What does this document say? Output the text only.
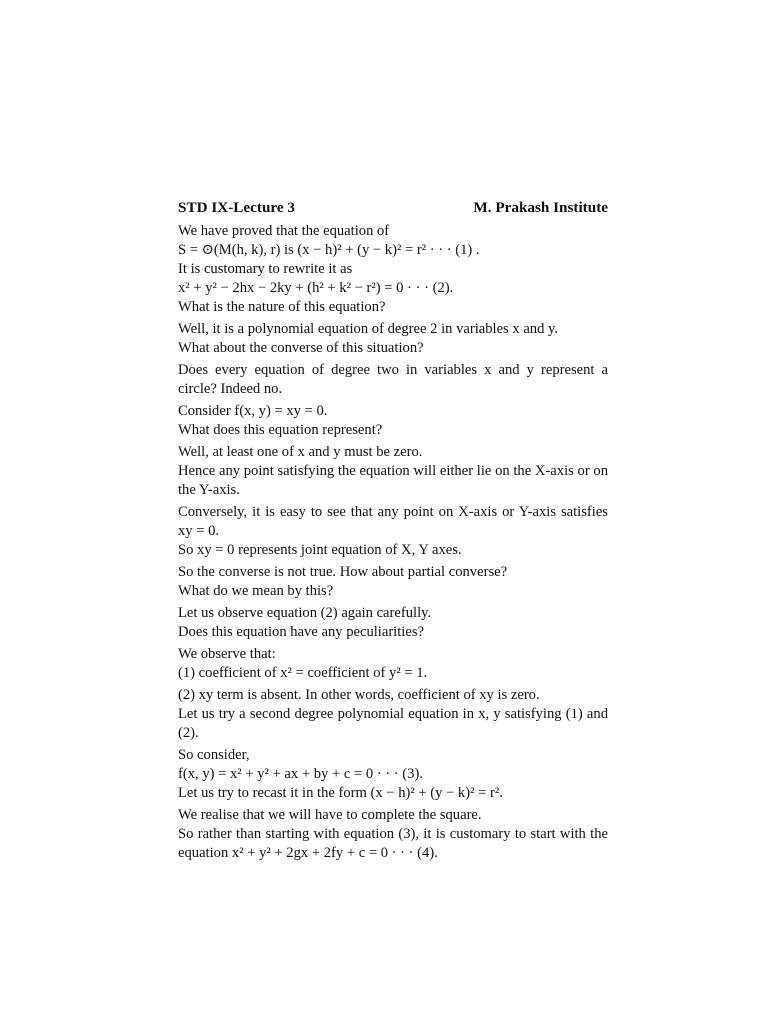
STD IX-Lecture 3	M. Prakash Institute
We have proved that the equation of
S = ⊙(M(h, k), r) is (x − h)² + (y − k)² = r² · · · (1) .
It is customary to rewrite it as
x² + y² − 2hx − 2ky + (h² + k² − r²) = 0 · · · (2).
What is the nature of this equation?
Well, it is a polynomial equation of degree 2 in variables x and y.
What about the converse of this situation?
Does every equation of degree two in variables x and y represent a circle? Indeed no.
Consider f(x, y) = xy = 0.
What does this equation represent?
Well, at least one of x and y must be zero.
Hence any point satisfying the equation will either lie on the X-axis or on the Y-axis.
Conversely, it is easy to see that any point on X-axis or Y-axis satisfies xy = 0.
So xy = 0 represents joint equation of X, Y axes.
So the converse is not true. How about partial converse?
What do we mean by this?
Let us observe equation (2) again carefully.
Does this equation have any peculiarities?
We observe that:
(1) coefficient of x² = coefficient of y² = 1.
(2) xy term is absent. In other words, coefficient of xy is zero.
Let us try a second degree polynomial equation in x, y satisfying (1) and (2).
So consider,
f(x, y) = x² + y² + ax + by + c = 0 · · · (3).
Let us try to recast it in the form (x − h)² + (y − k)² = r².
We realise that we will have to complete the square.
So rather than starting with equation (3), it is customary to start with the equation x² + y² + 2gx + 2fy + c = 0 · · · (4).
